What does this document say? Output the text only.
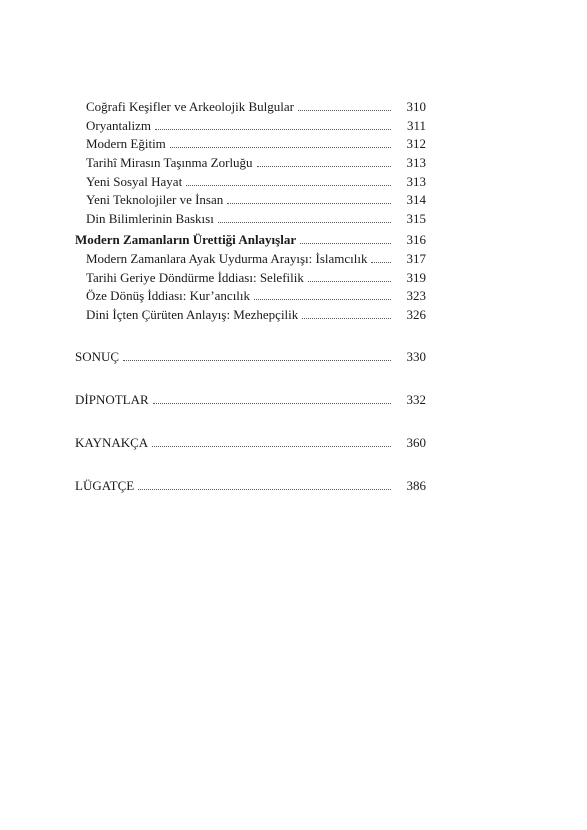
Coğrafi Keşifler ve Arkeolojik Bulgular	310
Oryantalizm	311
Modern Eğitim	312
Tarihî Mirasın Taşınma Zorluğu	313
Yeni Sosyal Hayat	313
Yeni Teknolojiler ve İnsan	314
Din Bilimlerinin Baskısı	315
Modern Zamanların Ürettiği Anlayışlar	316
Modern Zamanlara Ayak Uydurma Arayışı: İslamcılık	317
Tarihi Geriye Döndürme İddiası: Selefilik	319
Öze Dönüş İddiası: Kur’ancılık	323
Dini İçten Çürüten Anlayış: Mezhepçilik	326
SONUÇ	330
DİPNOTLAR	332
KAYNAKÇA	360
LÜGATÇE	386
